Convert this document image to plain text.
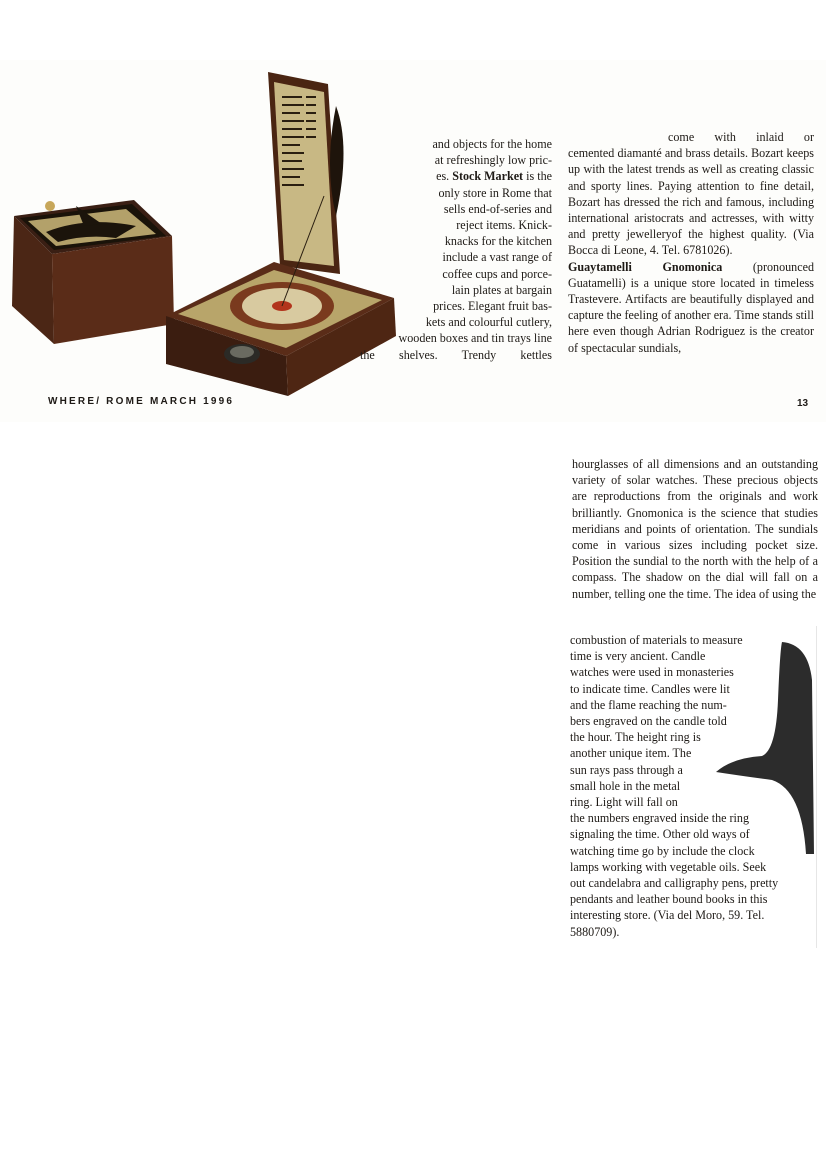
and objects for the home

at refreshingly low pric-

es. Stock Market is the

only store in Rome that

sells end-of-series and

reject items. Knick-

knacks for the kitchen

include a vast range of

coffee cups and porce-

lain plates at bargain

prices. Elegant fruit bas-

kets and colourful cutlery,

wooden boxes and tin trays line

the shelves. Trendy kettles

come with inlaid or

cemented diamanté and brass details. Bozart keeps up with the latest trends as well as creating classic and sporty lines. Paying attention to fine detail, Bozart has dressed the rich and famous, including international aristocrats and actresses, with witty and pretty jewelleryof the highest quality. (Via Bocca di Leone, 4. Tel. 6781026).

Guaytamelli Gnomonica	(pronounced Guatamelli) is a unique store located in timeless Trastevere. Artifacts are beautifully displayed and capture the feeling of another era. Time stands still here even though Adrian Rodriguez is the creator of spectacular sundials,

WHERE/ ROME MARCH 1996	13

hourglasses of all dimensions and an outstanding variety of solar watches. These precious objects are reproductions from the originals and work brilliantly. Gnomonica is the science that studies meridians and points of orientation. The sundials come in various sizes including pocket size. Position the sundial to the north with the help of a compass. The shadow on the dial will fall on a number, telling one the time. The idea of using the

combustion of materials to measure

time is very ancient. Candle

watches were used in monasteries

to indicate time. Candles were lit

and the flame reaching the num-

bers engraved on the candle told

the hour. The height ring is

another unique item. The

sun rays pass through a

small hole in the metal

ring. Light will fall on

the numbers engraved inside the ring

signaling the time. Other old ways of

watching time go by include the clock

lamps working with vegetable oils. Seek

out candelabra and calligraphy pens, pretty

pendants and leather bound books in this

interesting store. (Via del Moro, 59. Tel.

5880709).
